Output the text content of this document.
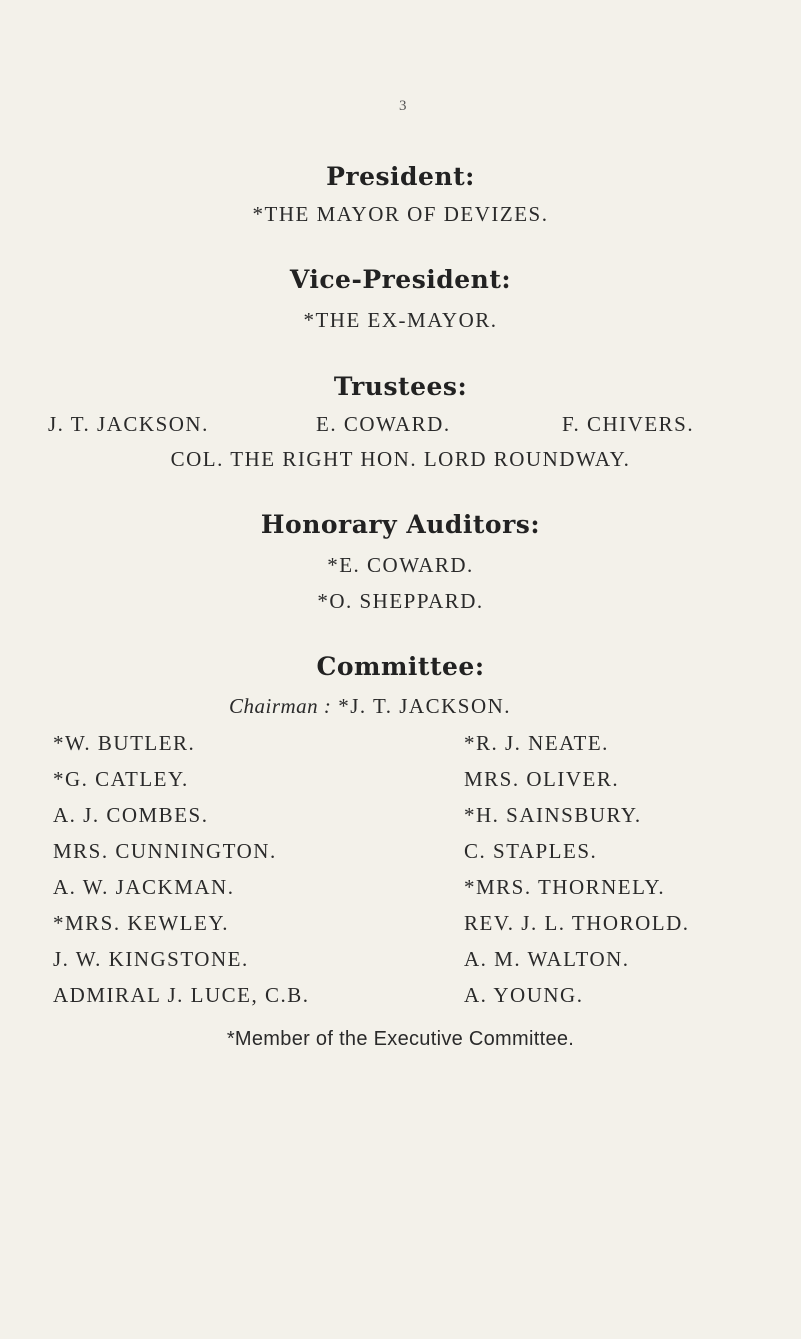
3
President:
*THE MAYOR OF DEVIZES.
Vice-President:
*THE EX-MAYOR.
Trustees:
J. T. JACKSON.	E. COWARD.	F. CHIVERS.
COL. THE RIGHT HON. LORD ROUNDWAY.
Honorary Auditors:
*E. COWARD.
*O. SHEPPARD.
Committee:
Chairman : *J. T. JACKSON.
*W. BUTLER.
*G. CATLEY.
A. J. COMBES.
MRS. CUNNINGTON.
A. W. JACKMAN.
*MRS. KEWLEY.
J. W. KINGSTONE.
ADMIRAL J. LUCE, C.B.
*R. J. NEATE.
MRS. OLIVER.
*H. SAINSBURY.
C. STAPLES.
*MRS. THORNELY.
REV. J. L. THOROLD.
A. M. WALTON.
A. YOUNG.
*Member of the Executive Committee.
